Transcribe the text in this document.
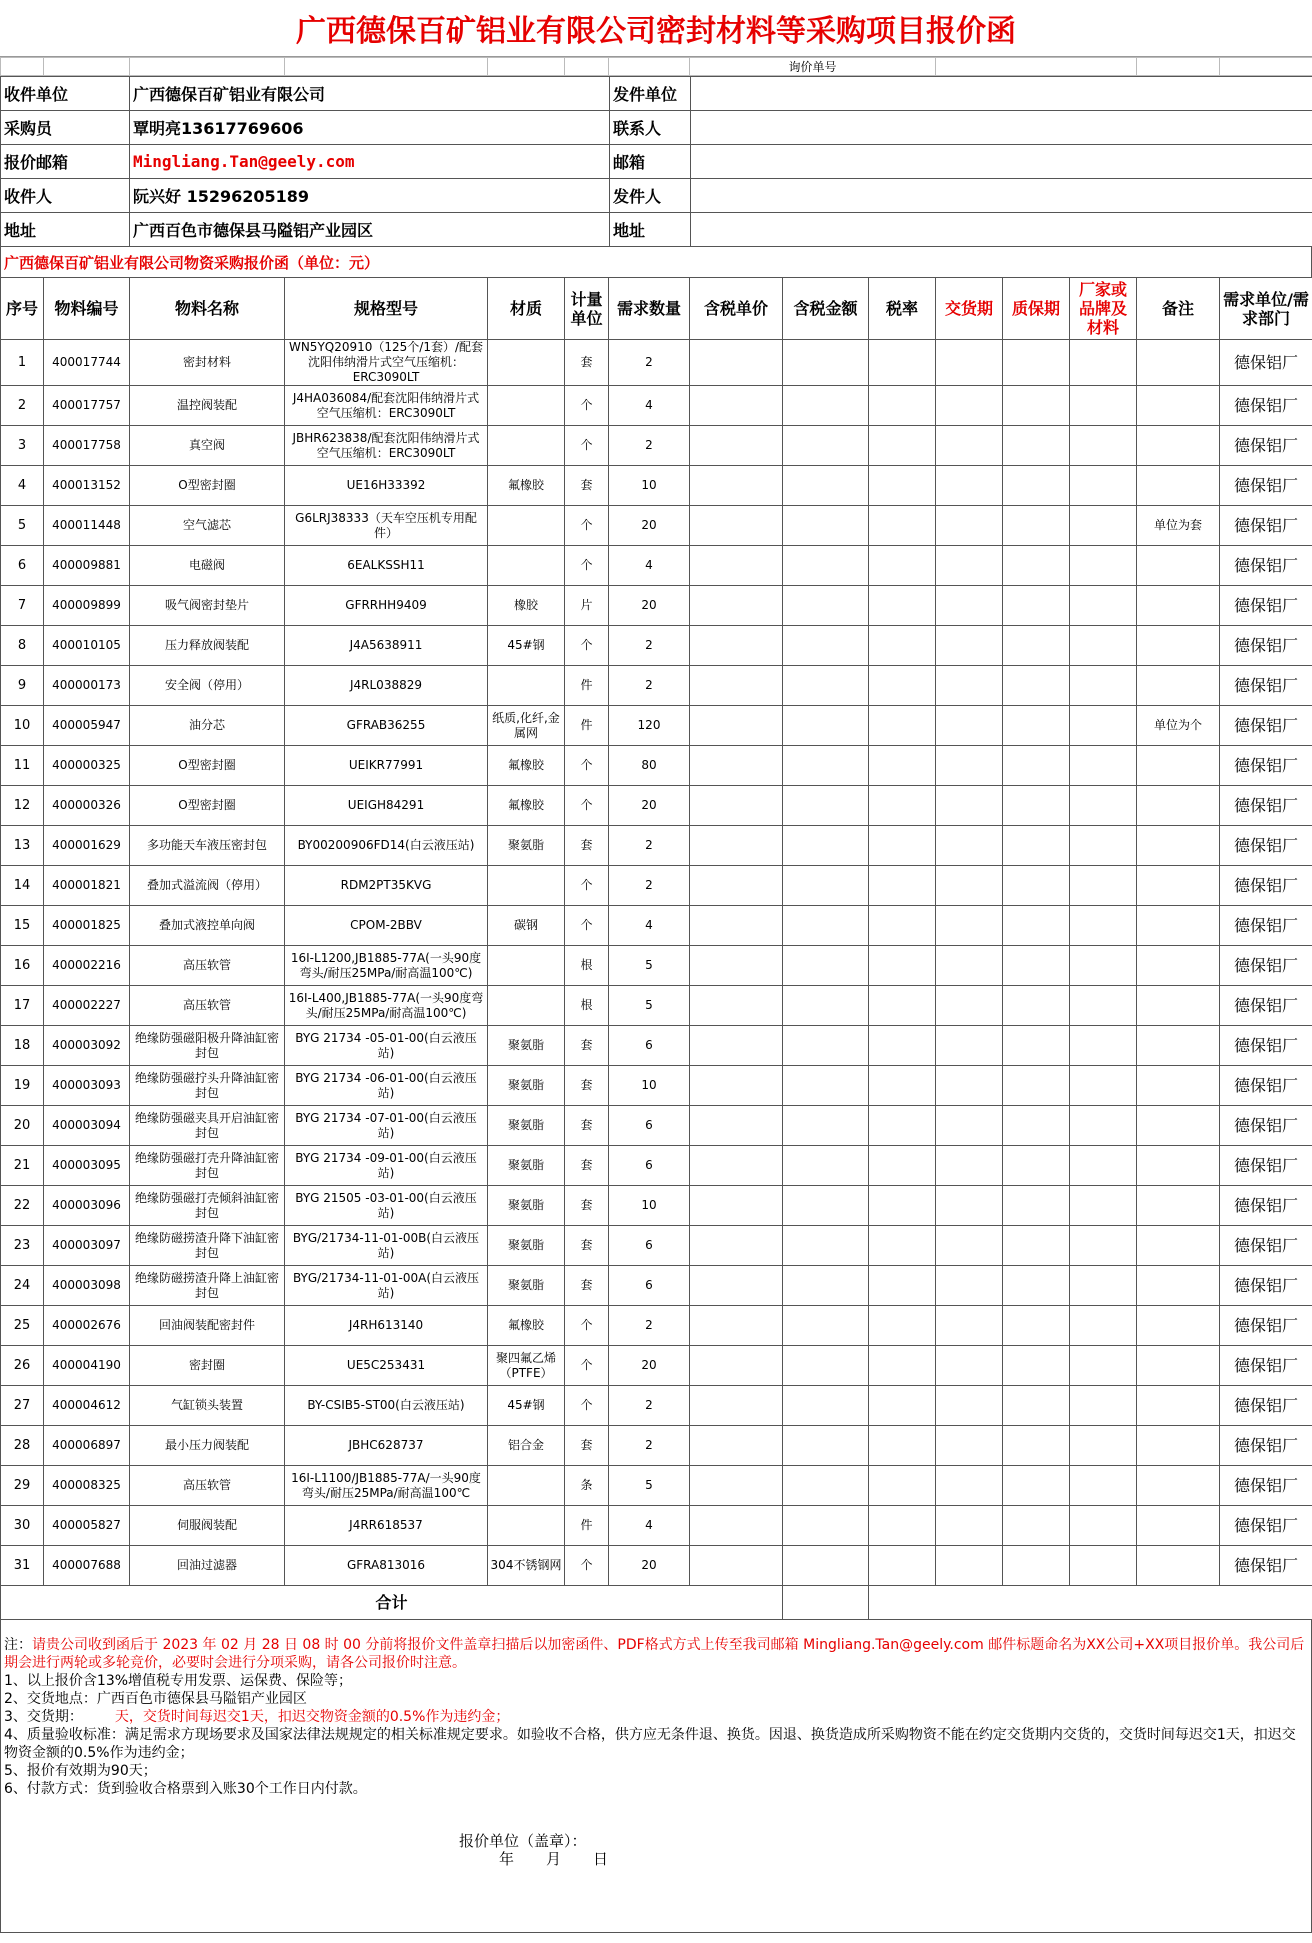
广西德保百矿铝业有限公司密封材料等采购项目报价函
							询价单号			
收件单位	广西德保百矿铝业有限公司	发件单位	
采购员	覃明亮13617769606	联系人	
报价邮箱	Mingliang.Tan@geely.com	邮箱	
收件人	阮兴好 15296205189	发件人	
地址	广西百色市德保县马隘铝产业园区	地址	
广西德保百矿铝业有限公司物资采购报价函（单位：元）
序号	物料编号	物料名称	规格型号	材质	计量单位	需求数量	含税单价	含税金额	税率	交货期	质保期	厂家或品牌及材料	备注	需求单位/需求部门
1	400017744	密封材料	WN5YQ20910（125个/1套）/配套沈阳伟纳滑片式空气压缩机：ERC3090LT		套	2								德保铝厂
2	400017757	温控阀装配	J4HA036084/配套沈阳伟纳滑片式空气压缩机：ERC3090LT		个	4								德保铝厂
3	400017758	真空阀	JBHR623838/配套沈阳伟纳滑片式空气压缩机：ERC3090LT		个	2								德保铝厂
4	400013152	O型密封圈	UE16H33392	氟橡胶	套	10								德保铝厂
5	400011448	空气滤芯	G6LRJ38333（天车空压机专用配件）		个	20							单位为套	德保铝厂
6	400009881	电磁阀	6EALKSSH11		个	4								德保铝厂
7	400009899	吸气阀密封垫片	GFRRHH9409	橡胶	片	20								德保铝厂
8	400010105	压力释放阀装配	J4A5638911	45#钢	个	2								德保铝厂
9	400000173	安全阀（停用）	J4RL038829		件	2								德保铝厂
10	400005947	油分芯	GFRAB36255	纸质,化纤,金属网	件	120							单位为个	德保铝厂
11	400000325	O型密封圈	UEIKR77991	氟橡胶	个	80								德保铝厂
12	400000326	O型密封圈	UEIGH84291	氟橡胶	个	20								德保铝厂
13	400001629	多功能天车液压密封包	BY00200906FD14(白云液压站)	聚氨脂	套	2								德保铝厂
14	400001821	叠加式溢流阀（停用）	RDM2PT35KVG		个	2								德保铝厂
15	400001825	叠加式液控单向阀	CPOM-2BBV	碳钢	个	4								德保铝厂
16	400002216	高压软管	16I-L1200,JB1885-77A(一头90度弯头/耐压25MPa/耐高温100℃)		根	5								德保铝厂
17	400002227	高压软管	16I-L400,JB1885-77A(一头90度弯头/耐压25MPa/耐高温100℃)		根	5								德保铝厂
18	400003092	绝缘防强磁阳极升降油缸密封包	BYG 21734 -05-01-00(白云液压站)	聚氨脂	套	6								德保铝厂
19	400003093	绝缘防强磁拧头升降油缸密封包	BYG 21734 -06-01-00(白云液压站)	聚氨脂	套	10								德保铝厂
20	400003094	绝缘防强磁夹具开启油缸密封包	BYG 21734 -07-01-00(白云液压站)	聚氨脂	套	6								德保铝厂
21	400003095	绝缘防强磁打壳升降油缸密封包	BYG 21734 -09-01-00(白云液压站)	聚氨脂	套	6								德保铝厂
22	400003096	绝缘防强磁打壳倾斜油缸密封包	BYG 21505 -03-01-00(白云液压站)	聚氨脂	套	10								德保铝厂
23	400003097	绝缘防磁捞渣升降下油缸密封包	BYG/21734-11-01-00B(白云液压站)	聚氨脂	套	6								德保铝厂
24	400003098	绝缘防磁捞渣升降上油缸密封包	BYG/21734-11-01-00A(白云液压站)	聚氨脂	套	6								德保铝厂
25	400002676	回油阀装配密封件	J4RH613140	氟橡胶	个	2								德保铝厂
26	400004190	密封圈	UE5C253431	聚四氟乙烯（PTFE）	个	20								德保铝厂
27	400004612	气缸锁头装置	BY-CSIB5-ST00(白云液压站)	45#钢	个	2								德保铝厂
28	400006897	最小压力阀装配	JBHC628737	铝合金	套	2								德保铝厂
29	400008325	高压软管	16I-L1100/JB1885-77A/一头90度弯头/耐压25MPa/耐高温100℃		条	5								德保铝厂
30	400005827	伺服阀装配	J4RR618537		件	4								德保铝厂
31	400007688	回油过滤器	GFRA813016	304不锈钢网	个	20								德保铝厂
合计														
注：请贵公司收到函后于 2023 年 02 月 28 日 08 时 00 分前将报价文件盖章扫描后以加密函件、PDF格式方式上传至我司邮箱 Mingliang.Tan@geely.com 邮件标题命名为XX公司+XX项目报价单。我公司后期会进行两轮或多轮竞价，必要时会进行分项采购，请各公司报价时注意。
1、以上报价含13%增值税专用发票、运保费、保险等；
2、交货地点：广西百色市德保县马隘铝产业园区
3、交货期： 天，交货时间每迟交1天，扣迟交物资金额的0.5%作为违约金；
4、质量验收标准：满足需求方现场要求及国家法律法规规定的相关标准规定要求。如验收不合格，供方应无条件退、换货。因退、换货造成所采购物资不能在约定交货期内交货的，交货时间每迟交1天，扣迟交物资金额的0.5%作为违约金；
5、报价有效期为90天；
6、付款方式：货到验收合格票到入账30个工作日内付款。
报价单位（盖章）：
年 月 日
